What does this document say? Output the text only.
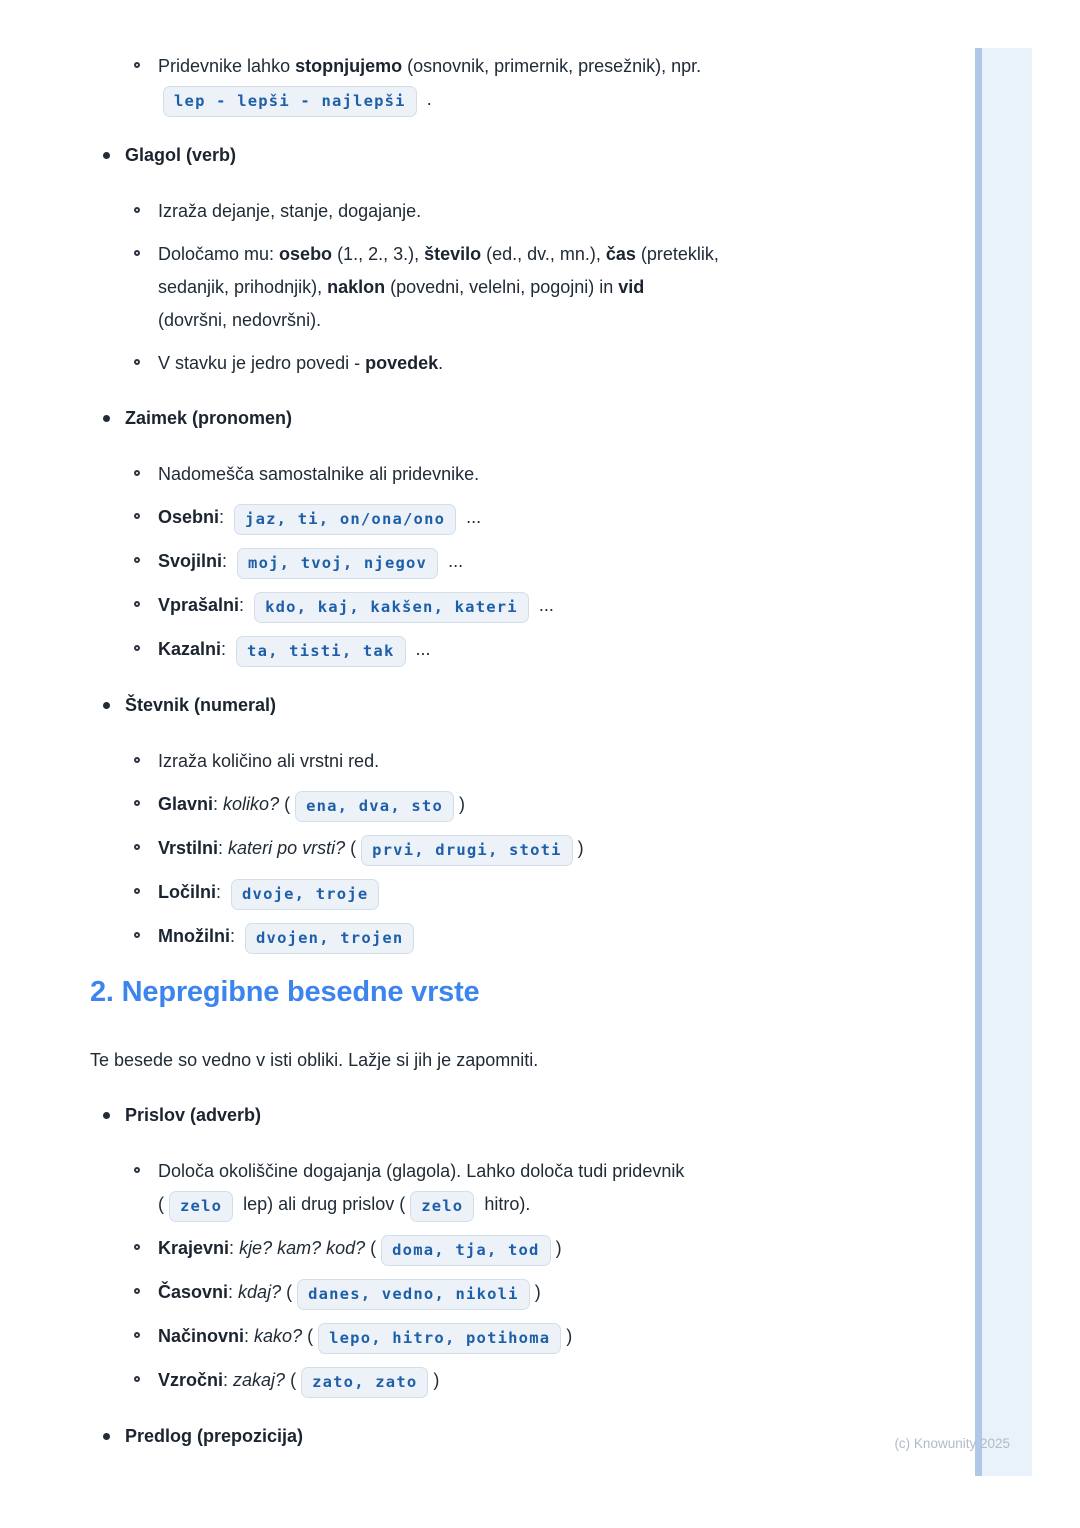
Pridevnike lahko stopnjujemo (osnovnik, primernik, presežnik), npr.
lep - lepši - najlepši .
Glagol (verb)
Izraža dejanje, stanje, dogajanje.
Določamo mu: osebo (1., 2., 3.), število (ed., dv., mn.), čas (preteklik,
sedanjik, prihodnjik), naklon (povedni, velelni, pogojni) in vid
(dovršni, nedovršni).
V stavku je jedro povedi - povedek.
Zaimek (pronomen)
Nadomešča samostalnike ali pridevnike.
Osebni: jaz, ti, on/ona/ono ...
Svojilni: moj, tvoj, njegov ...
Vprašalni: kdo, kaj, kakšen, kateri ...
Kazalni: ta, tisti, tak ...
Števnik (numeral)
Izraža količino ali vrstni red.
Glavni: koliko? ( ena, dva, sto )
Vrstilni: kateri po vrsti? ( prvi, drugi, stoti )
Ločilni: dvoje, troje
Množilni: dvojen, trojen
2. Nepregibne besedne vrste
Te besede so vedno v isti obliki. Lažje si jih je zapomniti.
Prislov (adverb)
Določa okoliščine dogajanja (glagola). Lahko določa tudi pridevnik
( zelo lep) ali drug prislov ( zelo hitro).
Krajevni: kje? kam? kod? ( doma, tja, tod )
Časovni: kdaj? ( danes, vedno, nikoli )
Načinovni: kako? ( lepo, hitro, potihoma )
Vzročni: zakaj? ( zato, zato )
Predlog (prepozicija)	(c) Knowunity 2025
